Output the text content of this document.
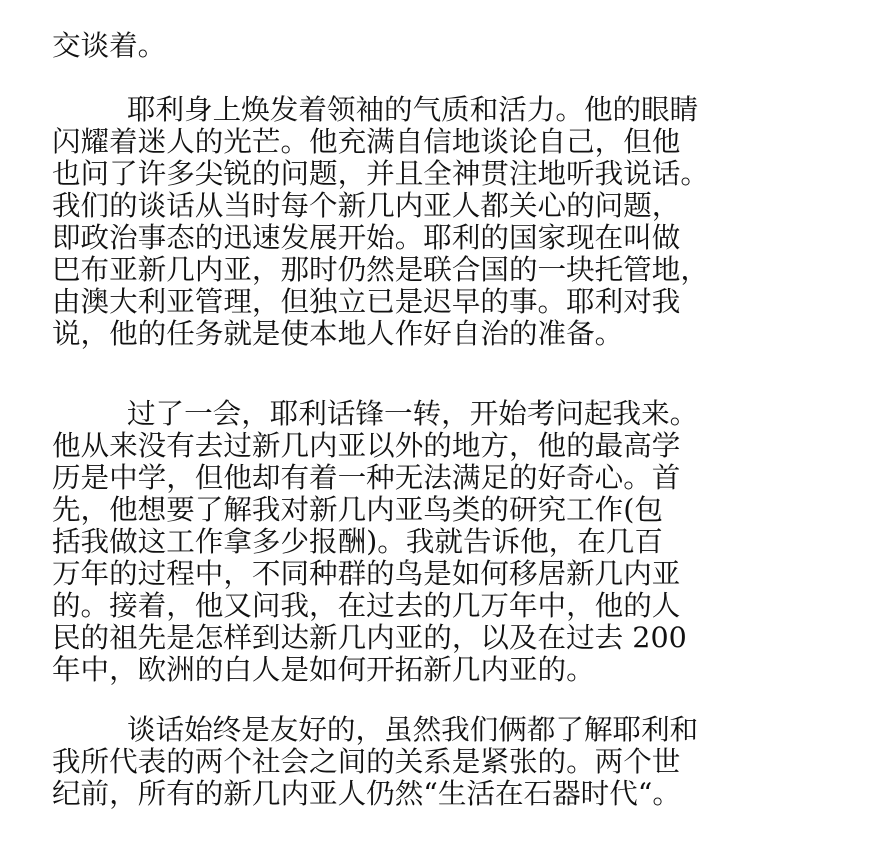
交谈着。

耶利身上焕发着领袖的气质和活力。他的眼睛

闪耀着迷人的光芒。他充满自信地谈论自己，但他

也问了许多尖锐的问题，并且全神贯注地听我说话。

我们的谈话从当时每个新几内亚人都关心的问题，

即政治事态的迅速发展开始。耶利的国家现在叫做

巴布亚新几内亚，那时仍然是联合国的一块托管地，

由澳大利亚管理，但独立已是迟早的事。耶利对我

说，他的任务就是使本地人作好自治的准备。

过了一会，耶利话锋一转，开始考问起我来。

他从来没有去过新几内亚以外的地方，他的最高学

历是中学，但他却有着一种无法满足的好奇心。首

先，他想要了解我对新几内亚鸟类的研究工作(包

括我做这工作拿多少报酬)。我就告诉他，在几百

万年的过程中，不同种群的鸟是如何移居新几内亚

的。接着，他又问我，在过去的几万年中，他的人

民的祖先是怎样到达新几内亚的，以及在过去 200

年中，欧洲的白人是如何开拓新几内亚的。

谈话始终是友好的，虽然我们俩都了解耶利和

我所代表的两个社会之间的关系是紧张的。两个世

纪前，所有的新几内亚人仍然“生活在石器时代“。
